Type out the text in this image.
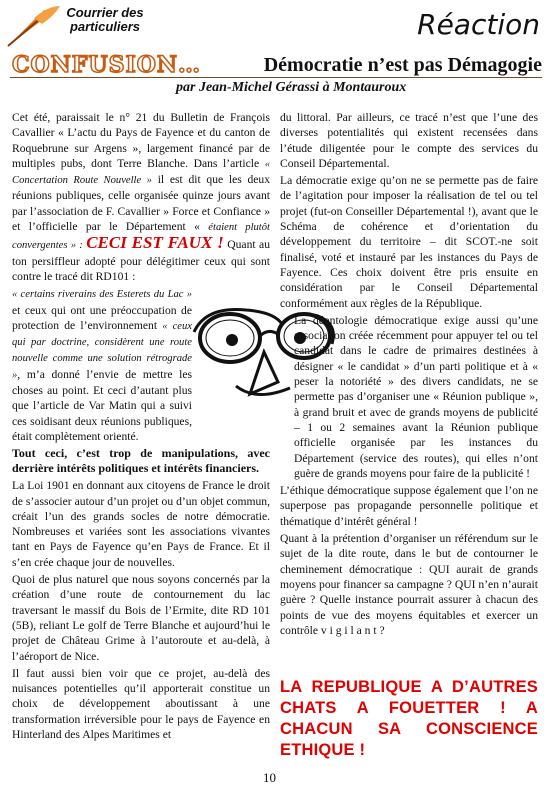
Courrier des particuliers	Réaction
CONFUSION…	Démocratie n’est pas Démagogie
par Jean-Michel Gérassi à Montauroux

Cet été, paraissait le n° 21 du Bulletin de François Cavallier « L’actu du Pays de Fayence et du canton de Roquebrune sur Argens », largement financé par de multiples pubs, dont Terre Blanche. Dans l’article « Concertation Route Nouvelle » il est dit que les deux réunions publiques, celle organisée quinze jours avant par l’association de F. Cavallier » Force et Confiance » et l’officielle par le Département « étaient plutôt convergentes » : CECI EST FAUX ! Quant au ton persiffleur adopté pour délégitimer ceux qui sont contre le tracé dit RD101 :

« certains riverains des Esterets du Lac » et ceux qui ont une préoccupation de protection de l’environnement « ceux qui par doctrine, considèrent une route nouvelle comme une solution rétrograde », m’a donné l’envie de mettre les choses au point. Et ceci d’autant plus que l’article de Var Matin qui a suivi ces soidisant deux réunions publiques, était complètement orienté.

Tout ceci, c’est trop de manipulations, avec derrière intérêts politiques et intérêts financiers.

La Loi 1901 en donnant aux citoyens de France le droit de s’associer autour d’un projet ou d’un objet commun, créait l’un des grands socles de notre démocratie. Nombreuses et variées sont les associations vivantes tant en Pays de Fayence qu’en Pays de France. Et il s’en crée chaque jour de nouvelles.

Quoi de plus naturel que nous soyons concernés par la création d’une route de contournement du lac traversant le massif du Bois de l’Ermite, dite RD 101 (5B), reliant Le golf de Terre Blanche et aujourd’hui le projet de Château Grime à l’autoroute et au-delà, à l’aéroport de Nice.

Il faut aussi bien voir que ce projet, au-delà des nuisances potentielles qu’il apporterait constitue un choix de développement aboutissant à une transformation irréversible pour le pays de Fayence en Hinterland des Alpes Maritimes et

du littoral. Par ailleurs, ce tracé n’est que l’une des diverses potentialités qui existent recensées dans l’étude diligentée pour le compte des services du Conseil Départemental.

La démocratie exige qu’on ne se permette pas de faire de l’agitation pour imposer la réalisation de tel ou tel projet (fut-on Conseiller Départemental !), avant que le Schéma de cohérence et d’orientation du développement du territoire – dit SCOT.-ne soit finalisé, voté et instauré par les instances du Pays de Fayence. Ces choix doivent être pris ensuite en considération par le Conseil Départemental conformément aux règles de la République.

La déontologie démocratique exige aussi qu’une association créée récemment pour appuyer tel ou tel candidat dans le cadre de primaires destinées à désigner « le candidat » d’un parti politique et à « peser la notoriété » des divers candidats, ne se permette pas d’organiser une « Réunion publique », à grand bruit et avec de grands moyens de publicité – 1 ou 2 semaines avant la Réunion publique officielle organisée par les instances du Département (service des routes), qui elles n’ont guère de grands moyens pour faire de la publicité !

L’éthique démocratique suppose également que l’on ne superpose pas propagande personnelle politique et thématique d’intérêt général !

Quant à la prétention d’organiser un référendum sur le sujet de la dite route, dans le but de contourner le cheminement démocratique : QUI aurait de grands moyens pour financer sa campagne ? QUI n’en n’aurait guère ? Quelle instance pourrait assurer à chacun des points de vue des moyens équitables et exercer un contrôle v i g i l a n t ?

LA REPUBLIQUE A D’AUTRES CHATS A FOUETTER ! A CHACUN SA CONSCIENCE ETHIQUE !
10
